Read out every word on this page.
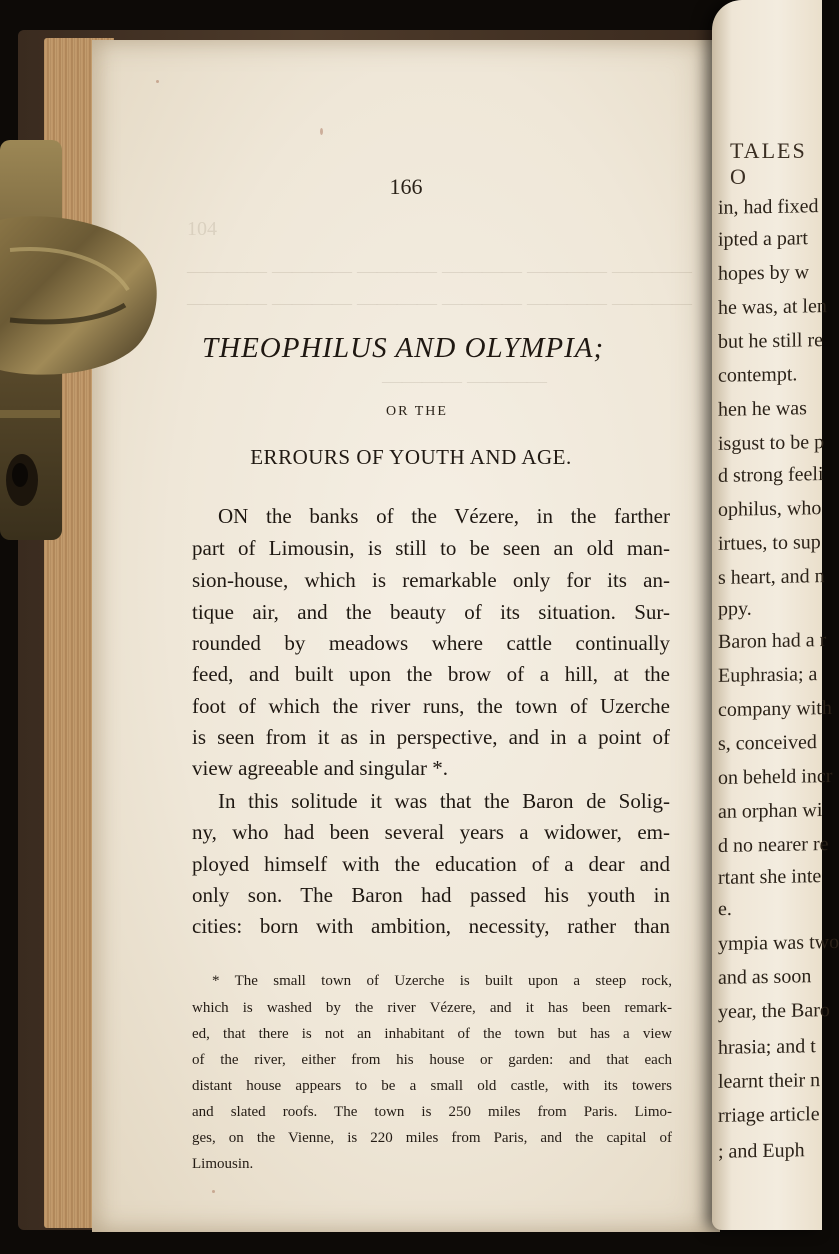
104
———— ———— ———— ———— ———— ————
———— ———— ———— ———— ———— ————
———— ————
166
THEOPHILUS AND OLYMPIA;
OR THE
ERROURS OF YOUTH AND AGE.
ON the banks of the Vézere, in the farther
part of Limousin, is still to be seen an old man-
sion-house, which is remarkable only for its an-
tique air, and the beauty of its situation. Sur-
rounded by meadows where cattle continually
feed, and built upon the brow of a hill, at the
foot of which the river runs, the town of Uzerche
is seen from it as in perspective, and in a point of
view agreeable and singular *.
In this solitude it was that the Baron de Solig-
ny, who had been several years a widower, em-
ployed himself with the education of a dear and
only son. The Baron had passed his youth in
cities: born with ambition, necessity, rather than
* The small town of Uzerche is built upon a steep rock,
which is washed by the river Vézere, and it has been remark-
ed, that there is not an inhabitant of the town but has a view
of the river, either from his house or garden: and that each
distant house appears to be a small old castle, with its towers
and slated roofs. The town is 250 miles from Paris. Limo-
ges, on the Vienne, is 220 miles from Paris, and the capital of
Limousin.
TALES O
in, had fixed
ipted a part
hopes by w
he was, at len
but he still re
contempt.
hen he was
isgust to be p
d strong feeli
ophilus, who
irtues, to sup
s heart, and n
ppy.
Baron had a r
Euphrasia; a
company with
s, conceived
on beheld incr
an orphan wi
d no nearer re
rtant she inte
e.
ympia was two
and as soon
year, the Baro
hrasia; and t
learnt their n
rriage article
; and Euph
